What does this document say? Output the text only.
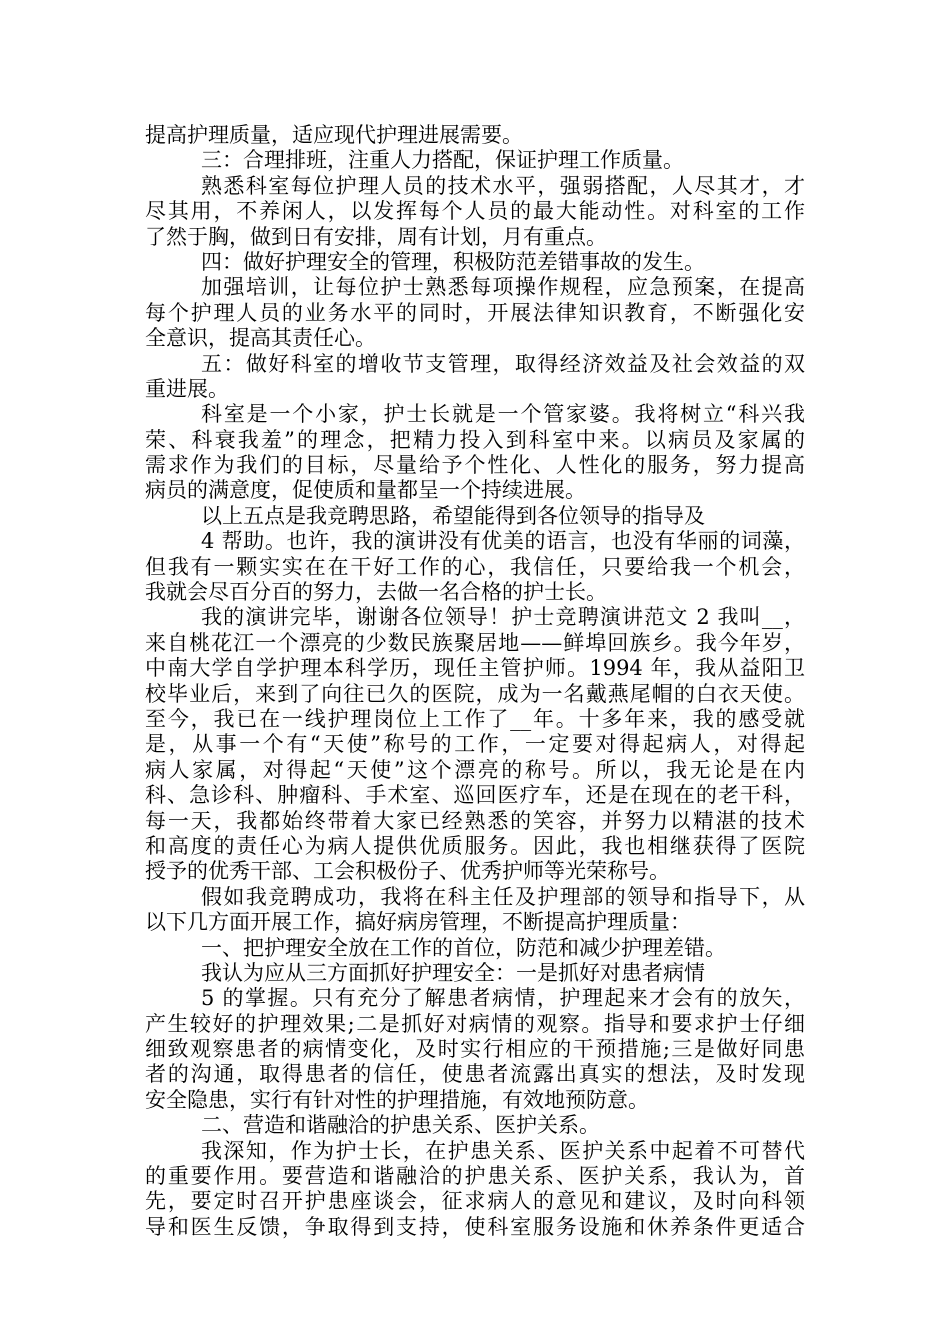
提高护理质量，适应现代护理进展需要。
三：合理排班，注重人力搭配，保证护理工作质量。
熟悉科室每位护理人员的技术水平，强弱搭配，人尽其才，才
尽其用，不养闲人，以发挥每个人员的最大能动性。对科室的工作
了然于胸，做到日有安排，周有计划，月有重点。
四：做好护理安全的管理，积极防范差错事故的发生。
加强培训，让每位护士熟悉每项操作规程，应急预案，在提高
每个护理人员的业务水平的同时，开展法律知识教育，不断强化安
全意识，提高其责任心。
五：做好科室的增收节支管理，取得经济效益及社会效益的双
重进展。
科室是一个小家，护士长就是一个管家婆。我将树立“科兴我
荣、科衰我羞”的理念，把精力投入到科室中来。以病员及家属的
需求作为我们的目标，尽量给予个性化、人性化的服务，努力提高
病员的满意度，促使质和量都呈一个持续进展。
以上五点是我竞聘思路，希望能得到各位领导的指导及
4 帮助。也许，我的演讲没有优美的语言，也没有华丽的词藻，
但我有一颗实实在在干好工作的心，我信任，只要给我一个机会，
我就会尽百分百的努力，去做一名合格的护士长。
我的演讲完毕，谢谢各位领导！护士竞聘演讲范文 2 我叫__，
来自桃花江一个漂亮的少数民族聚居地——鲜埠回族乡。我今年岁，
中南大学自学护理本科学历，现任主管护师。1994 年，我从益阳卫
校毕业后，来到了向往已久的医院，成为一名戴燕尾帽的白衣天使。
至今，我已在一线护理岗位上工作了__年。十多年来，我的感受就
是，从事一个有“天使”称号的工作，一定要对得起病人，对得起
病人家属，对得起“天使”这个漂亮的称号。所以，我无论是在内
科、急诊科、肿瘤科、手术室、巡回医疗车，还是在现在的老干科，
每一天，我都始终带着大家已经熟悉的笑容，并努力以精湛的技术
和高度的责任心为病人提供优质服务。因此，我也相继获得了医院
授予的优秀干部、工会积极份子、优秀护师等光荣称号。
假如我竞聘成功，我将在科主任及护理部的领导和指导下，从
以下几方面开展工作，搞好病房管理，不断提高护理质量：
一、把护理安全放在工作的首位，防范和减少护理差错。
我认为应从三方面抓好护理安全：一是抓好对患者病情
5 的掌握。只有充分了解患者病情，护理起来才会有的放矢，
产生较好的护理效果;二是抓好对病情的观察。指导和要求护士仔细
细致观察患者的病情变化，及时实行相应的干预措施;三是做好同患
者的沟通，取得患者的信任，使患者流露出真实的想法，及时发现
安全隐患，实行有针对性的护理措施，有效地预防意。
二、营造和谐融洽的护患关系、医护关系。
我深知，作为护士长，在护患关系、医护关系中起着不可替代
的重要作用。要营造和谐融洽的护患关系、医护关系，我认为，首
先，要定时召开护患座谈会，征求病人的意见和建议，及时向科领
导和医生反馈，争取得到支持，使科室服务设施和休养条件更适合
